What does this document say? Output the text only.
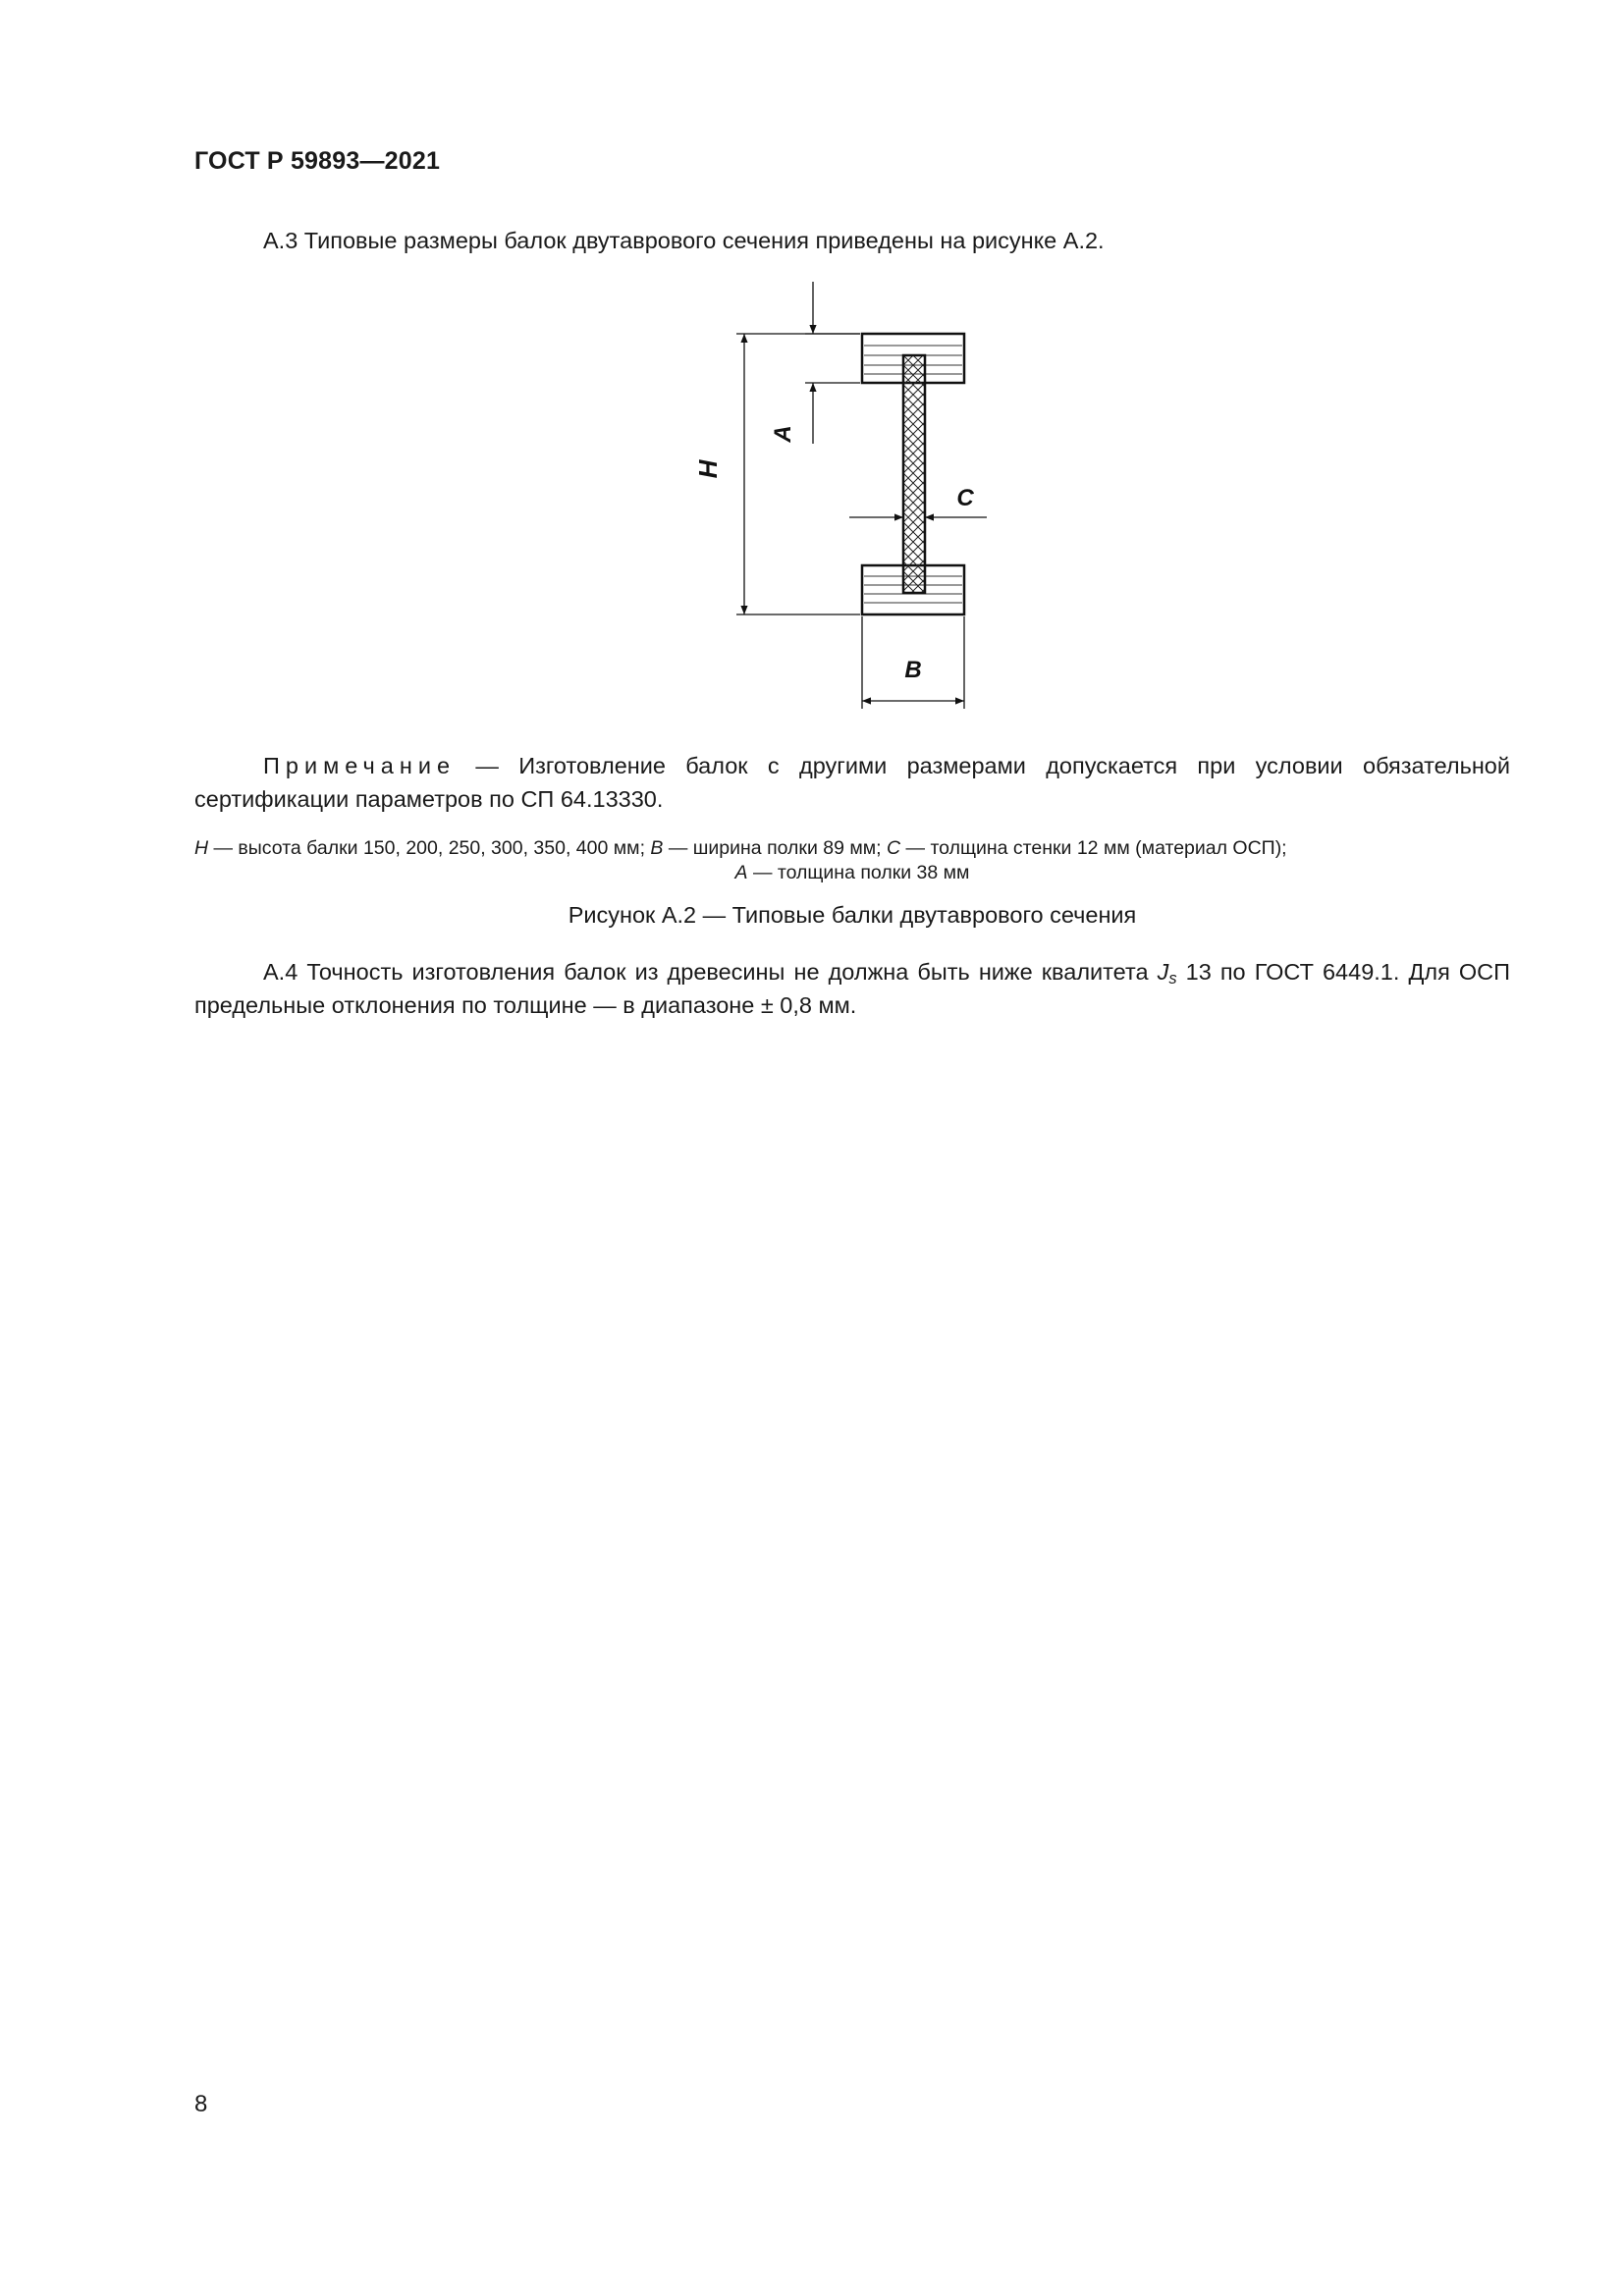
ГОСТ Р 59893—2021
А.3 Типовые размеры балок двутаврового сечения приведены на рисунке А.2.
H
A
C
B
Примечание — Изготовление балок с другими размерами допускается при условии обязательной сертификации параметров по СП 64.13330.
H — высота балки 150, 200, 250, 300, 350, 400 мм; B — ширина полки 89 мм; C — толщина стенки 12 мм (материал ОСП);
A — толщина полки 38 мм
Рисунок А.2 — Типовые балки двутаврового сечения
А.4 Точность изготовления балок из древесины не должна быть ниже квалитета $J_s$ 13 по ГОСТ 6449.1. Для ОСП предельные отклонения по толщине — в диапазоне ± 0,8 мм.
8
